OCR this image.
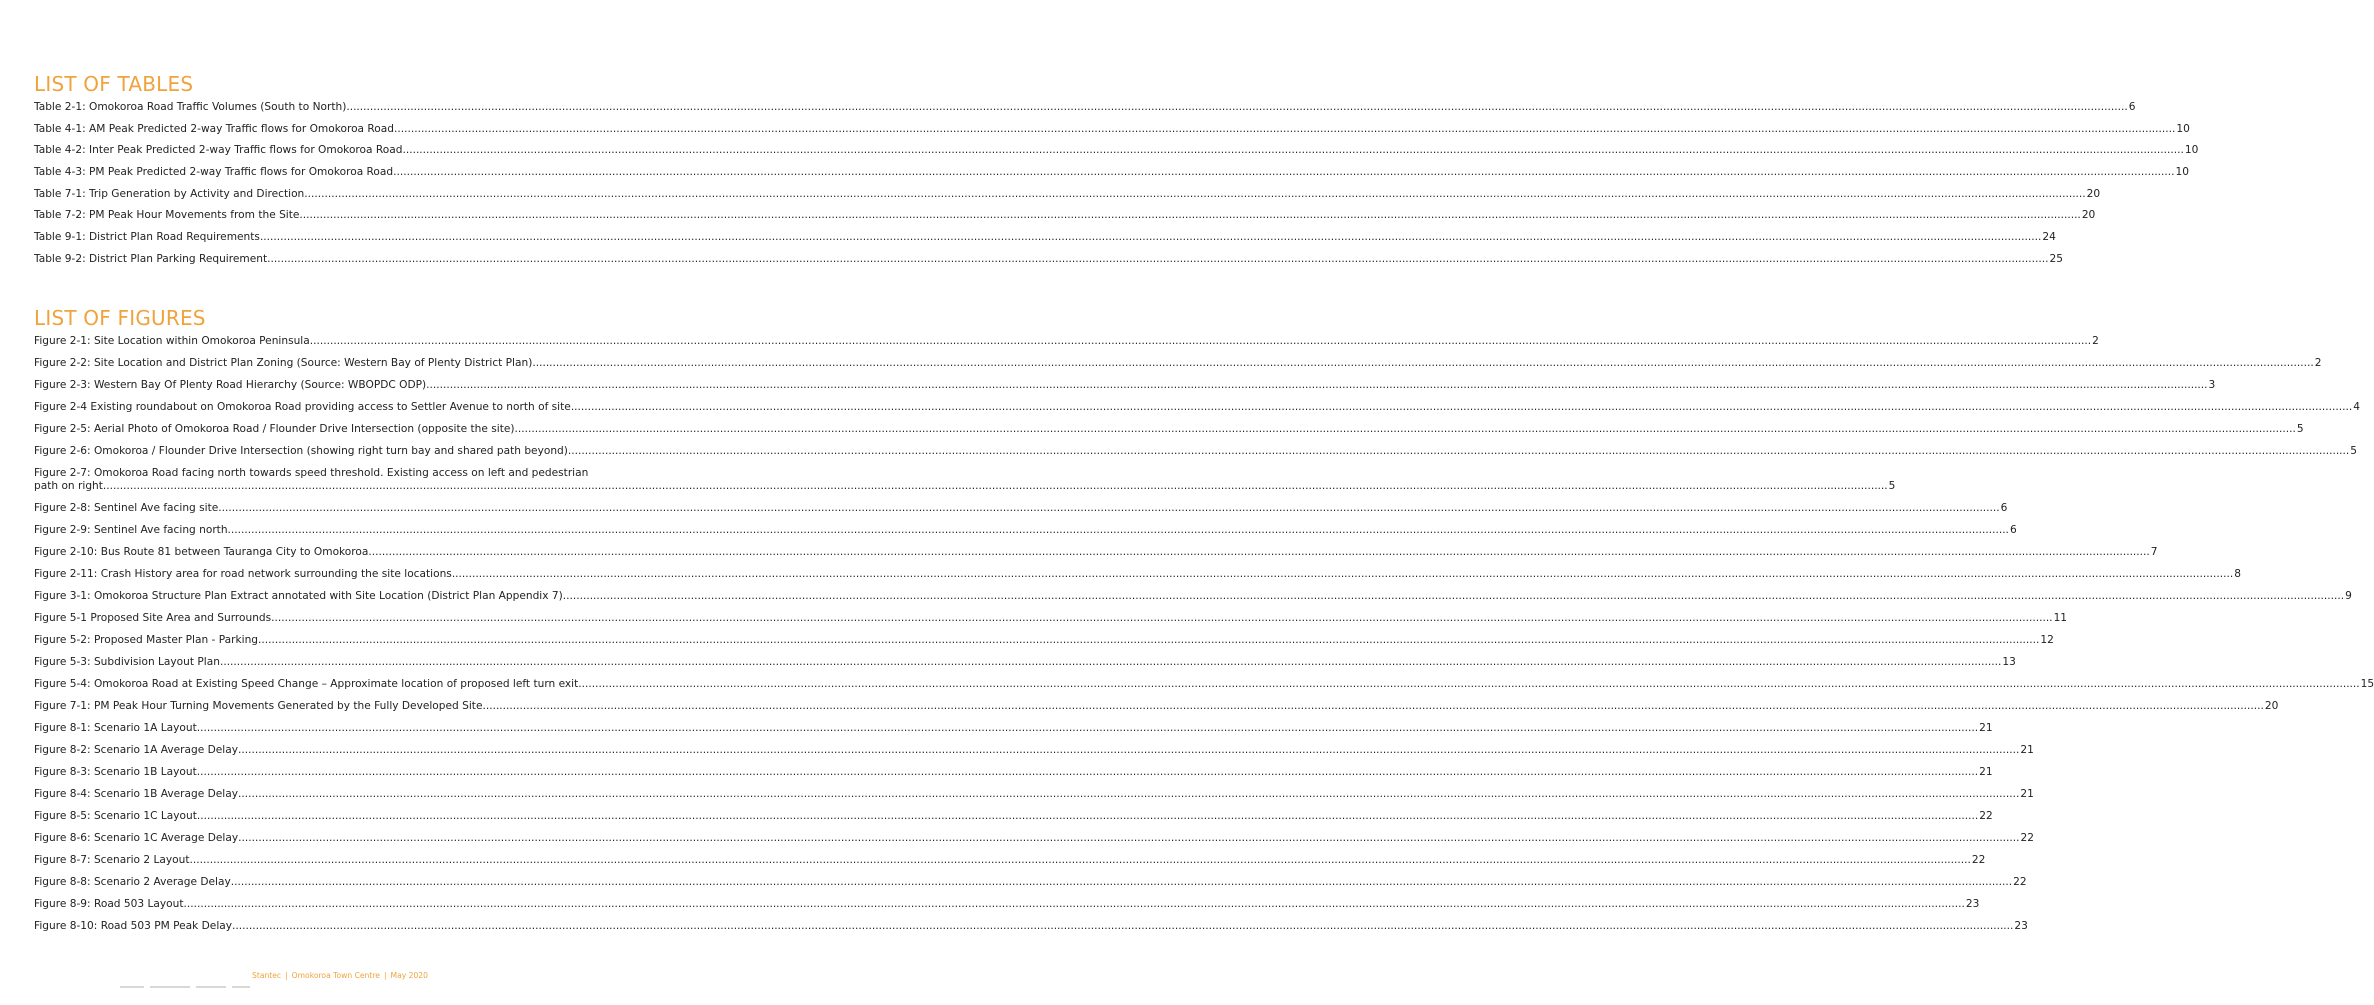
LIST OF TABLES
Table 2-1: Omokoroa Road Traffic Volumes (South to North) .....	6
Table 4-1: AM Peak Predicted 2-way Traffic flows for Omokoroa Road .....	10
Table 4-2: Inter Peak Predicted 2-way Traffic flows for Omokoroa Road .....	10
Table 4-3: PM Peak Predicted 2-way Traffic flows for Omokoroa Road .....	10
Table 7-1: Trip Generation by Activity and Direction .....	20
Table 7-2: PM Peak Hour Movements from the Site .....	20
Table 9-1: District Plan Road Requirements .....	24
Table 9-2: District Plan Parking Requirement .....	25
LIST OF FIGURES
Figure 2-1: Site Location within Omokoroa Peninsula .....	2
Figure 2-2: Site Location and District Plan Zoning (Source: Western Bay of Plenty District Plan) .....	2
Figure 2-3: Western Bay Of Plenty Road Hierarchy (Source: WBOPDC ODP) .....	3
Figure 2-4 Existing roundabout on Omokoroa Road providing access to Settler Avenue to north of site .....	4
Figure 2-5: Aerial Photo of Omokoroa Road / Flounder Drive Intersection (opposite the site) .....	5
Figure 2-6: Omokoroa / Flounder Drive Intersection (showing right turn bay and shared path beyond) .....	5
Figure 2-7: Omokoroa Road facing north towards speed threshold. Existing access on left and pedestrian
path on right. .....	5
Figure 2-8: Sentinel Ave facing site .....	6
Figure 2-9: Sentinel Ave facing north .....	6
Figure 2-10: Bus Route 81 between Tauranga City to Omokoroa .....	7
Figure 2-11: Crash History area for road network surrounding the site locations .....	8
Figure 3-1: Omokoroa Structure Plan Extract annotated with Site Location (District Plan Appendix 7) .....	9
Figure 5-1 Proposed Site Area and Surrounds .....	11
Figure 5-2: Proposed Master Plan - Parking .....	12
Figure 5-3: Subdivision Layout Plan .....	13
Figure 5-4: Omokoroa Road at Existing Speed Change – Approximate location of proposed left turn exit .....	15
Figure 7-1: PM Peak Hour Turning Movements Generated by the Fully Developed Site .....	20
Figure 8-1: Scenario 1A Layout .....	21
Figure 8-2: Scenario 1A Average Delay .....	21
Figure 8-3: Scenario 1B Layout .....	21
Figure 8-4: Scenario 1B Average Delay .....	21
Figure 8-5: Scenario 1C Layout .....	22
Figure 8-6: Scenario 1C Average Delay .....	22
Figure 8-7: Scenario 2 Layout .....	22
Figure 8-8: Scenario 2 Average Delay .....	22
Figure 8-9: Road 503 Layout .....	23
Figure 8-10: Road 503 PM Peak Delay .....	23
Stantec | Omokoroa Town Centre | May 2020
